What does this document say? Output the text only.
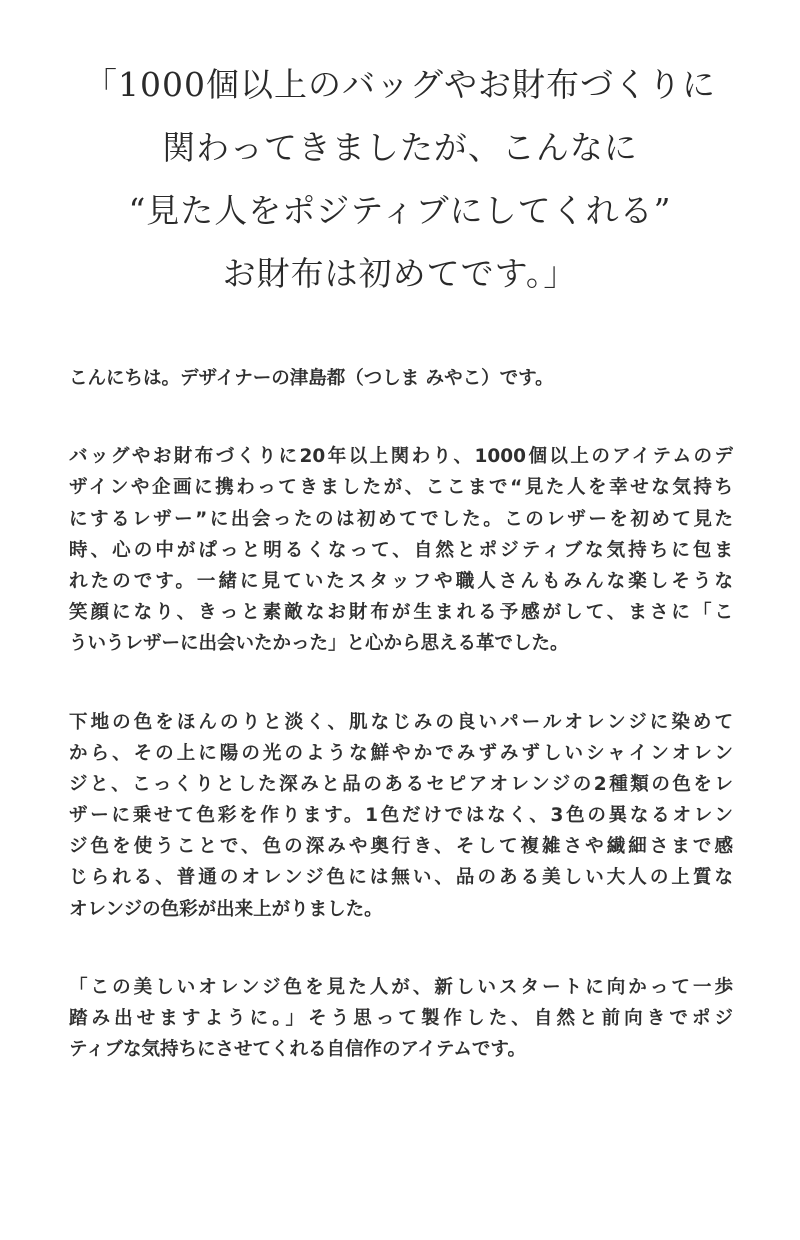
「1000個以上のバッグやお財布づくりに
関わってきましたが、こんなに
“見た人をポジティブにしてくれる”
お財布は初めてです。」
こんにちは。デザイナーの津島都（つしま みやこ）です。
バッグやお財布づくりに20年以上関わり、1000個以上のアイテムのデ
ザインや企画に携わってきましたが、ここまで“見た人を幸せな気持ち
にするレザー”に出会ったのは初めてでした。このレザーを初めて見た
時、心の中がぱっと明るくなって、自然とポジティブな気持ちに包ま
れたのです。一緒に見ていたスタッフや職人さんもみんな楽しそうな
笑顔になり、きっと素敵なお財布が生まれる予感がして、まさに「こ
ういうレザーに出会いたかった」と心から思える革でした。
下地の色をほんのりと淡く、肌なじみの良いパールオレンジに染めて
から、その上に陽の光のような鮮やかでみずみずしいシャインオレン
ジと、こっくりとした深みと品のあるセピアオレンジの2種類の色をレ
ザーに乗せて色彩を作ります。1色だけではなく、3色の異なるオレン
ジ色を使うことで、色の深みや奥行き、そして複雑さや繊細さまで感
じられる、普通のオレンジ色には無い、品のある美しい大人の上質な
オレンジの色彩が出来上がりました。
「この美しいオレンジ色を見た人が、新しいスタートに向かって一歩
踏み出せますように。」そう思って製作した、自然と前向きでポジ
ティブな気持ちにさせてくれる自信作のアイテムです。
